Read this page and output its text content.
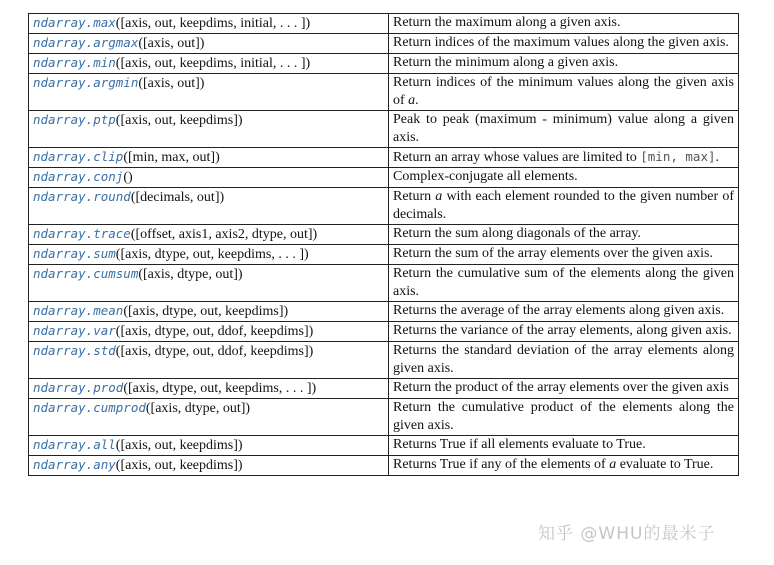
ndarray.max([axis, out, keepdims, initial, . . . ])	Return the maximum along a given axis.
ndarray.argmax([axis, out])	Return indices of the maximum values along the given axis.
ndarray.min([axis, out, keepdims, initial, . . . ])	Return the minimum along a given axis.
ndarray.argmin([axis, out])	Return indices of the minimum values along the given axis of a.
ndarray.ptp([axis, out, keepdims])	Peak to peak (maximum - minimum) value along a given axis.
ndarray.clip([min, max, out])	Return an array whose values are limited to [min, max].
ndarray.conj()	Complex-conjugate all elements.
ndarray.round([decimals, out])	Return a with each element rounded to the given number of decimals.
ndarray.trace([offset, axis1, axis2, dtype, out])	Return the sum along diagonals of the array.
ndarray.sum([axis, dtype, out, keepdims, . . . ])	Return the sum of the array elements over the given axis.
ndarray.cumsum([axis, dtype, out])	Return the cumulative sum of the elements along the given axis.
ndarray.mean([axis, dtype, out, keepdims])	Returns the average of the array elements along given axis.
ndarray.var([axis, dtype, out, ddof, keepdims])	Returns the variance of the array elements, along given axis.
ndarray.std([axis, dtype, out, ddof, keepdims])	Returns the standard deviation of the array elements along given axis.
ndarray.prod([axis, dtype, out, keepdims, . . . ])	Return the product of the array elements over the given axis
ndarray.cumprod([axis, dtype, out])	Return the cumulative product of the elements along the given axis.
ndarray.all([axis, out, keepdims])	Returns True if all elements evaluate to True.
ndarray.any([axis, out, keepdims])	Returns True if any of the elements of a evaluate to True.
知乎 @WHU的最米子
